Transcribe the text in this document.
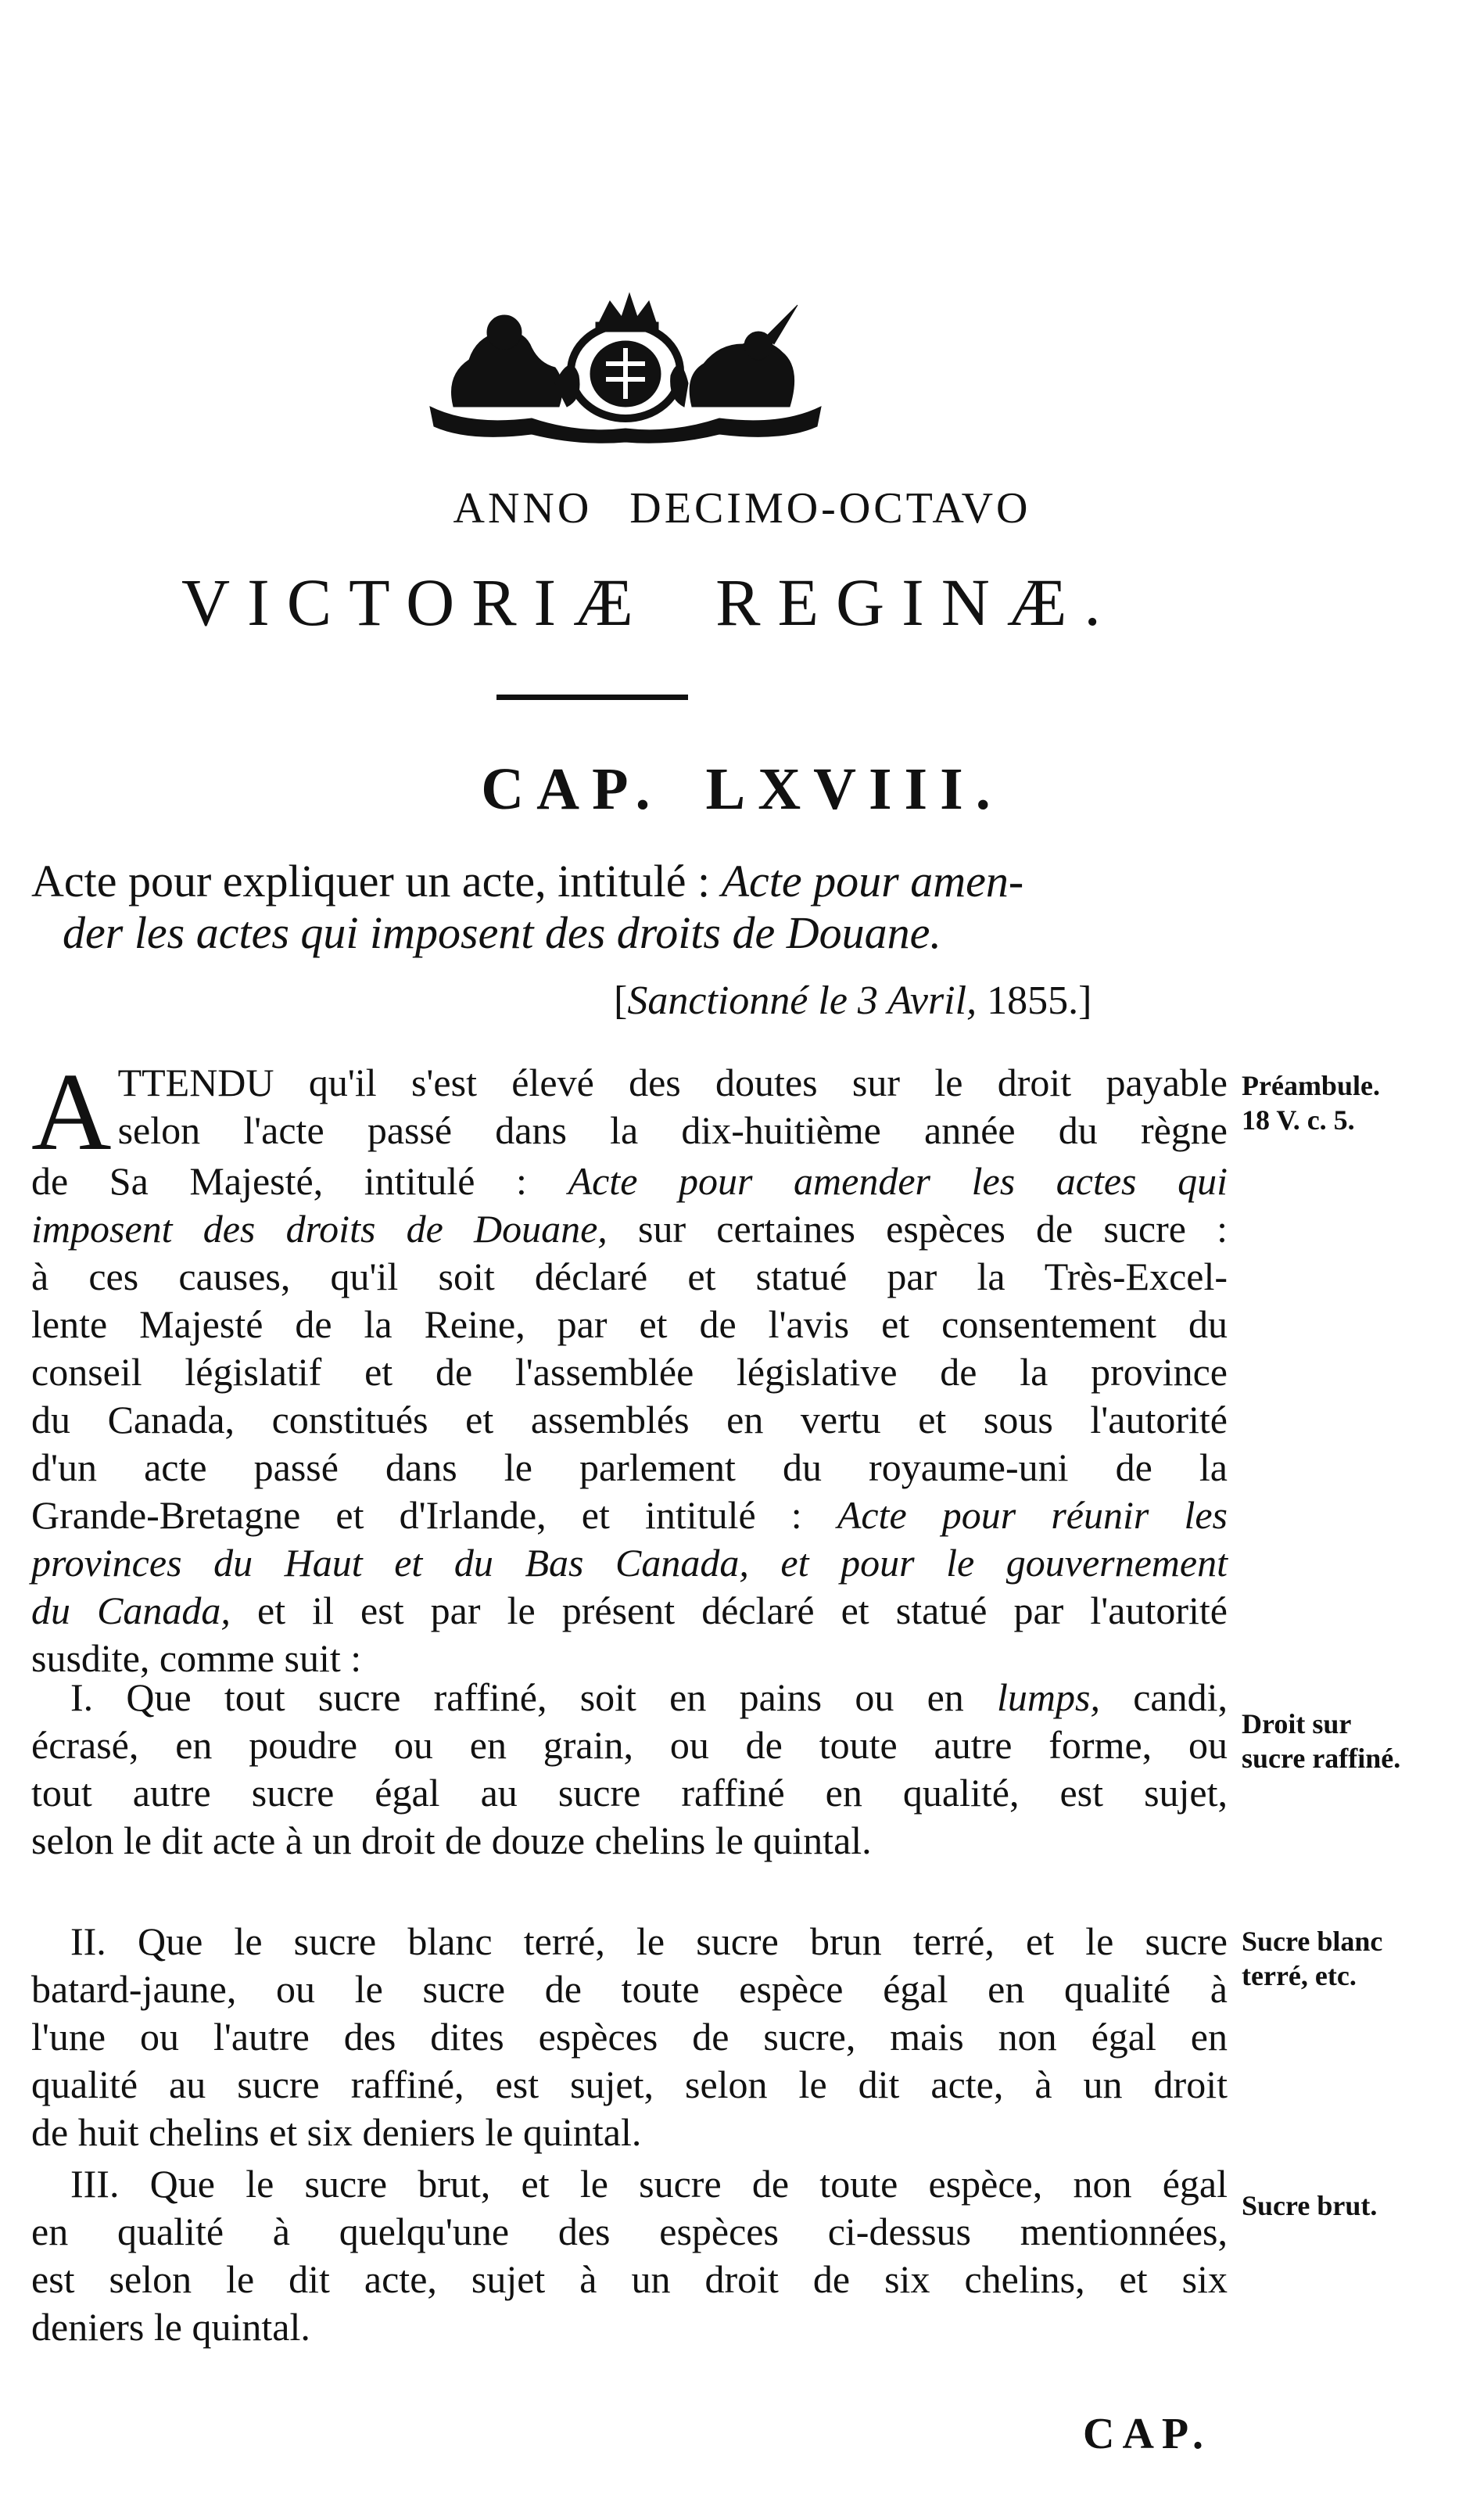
ANNO DECIMO-OCTAVO
VICTORIÆ REGINÆ.
CAP. LXVIII.
Acte pour expliquer un acte, intitulé : Acte pour amen-
der les actes qui imposent des droits de Douane.
[Sanctionné le 3 Avril, 1855.]
A TTENDU qu'il s'est élevé des doutes sur le droit payable
selon l'acte passé dans la dix-huitième année du règne
de Sa Majesté, intitulé : Acte pour amender les actes qui
imposent des droits de Douane, sur certaines espèces de sucre :
à ces causes, qu'il soit déclaré et statué par la Très-Excel-
lente Majesté de la Reine, par et de l'avis et consentement du
conseil législatif et de l'assemblée législative de la province
du Canada, constitués et assemblés en vertu et sous l'autorité
d'un acte passé dans le parlement du royaume-uni de la
Grande-Bretagne et d'Irlande, et intitulé : Acte pour réunir les
provinces du Haut et du Bas Canada, et pour le gouvernement
du Canada, et il est par le présent déclaré et statué par l'autorité
susdite, comme suit :
I. Que tout sucre raffiné, soit en pains ou en lumps, candi,
écrasé, en poudre ou en grain, ou de toute autre forme, ou
tout autre sucre égal au sucre raffiné en qualité, est sujet,
selon le dit acte à un droit de douze chelins le quintal.
II. Que le sucre blanc terré, le sucre brun terré, et le sucre
batard-jaune, ou le sucre de toute espèce égal en qualité à
l'une ou l'autre des dites espèces de sucre, mais non égal en
qualité au sucre raffiné, est sujet, selon le dit acte, à un droit
de huit chelins et six deniers le quintal.
III. Que le sucre brut, et le sucre de toute espèce, non égal
en qualité à quelqu'une des espèces ci-dessus mentionnées,
est selon le dit acte, sujet à un droit de six chelins, et six
deniers le quintal.
Préambule.
18 V. c. 5.
Droit sur
sucre raffiné.
Sucre blanc
terré, etc.
Sucre brut.
CAP.
